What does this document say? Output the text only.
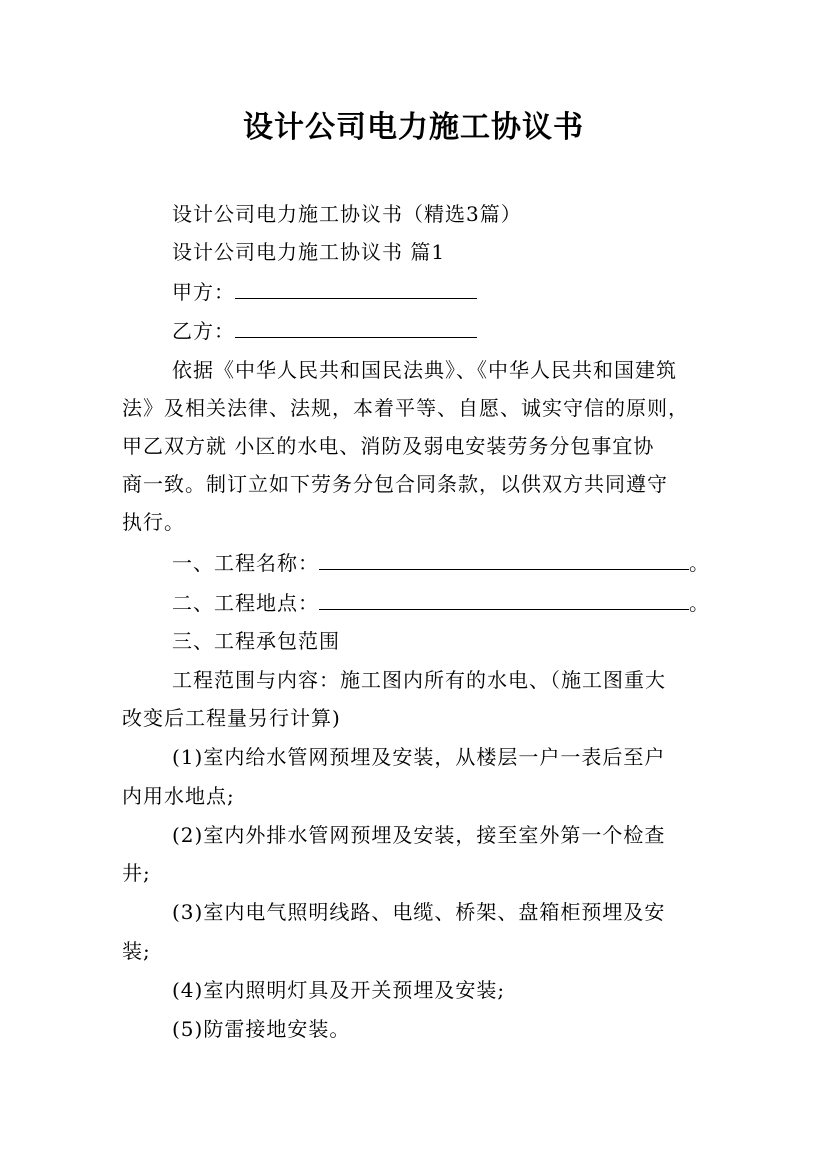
设计公司电力施工协议书
设计公司电力施工协议书（精选3篇）
设计公司电力施工协议书 篇1
甲方：
乙方：
依据《中华人民共和国民法典》、《中华人民共和国建筑
法》及相关法律、法规，本着平等、自愿、诚实守信的原则，
甲乙双方就 小区的水电、消防及弱电安装劳务分包事宜协
商一致。制订立如下劳务分包合同条款，以供双方共同遵守
执行。
一、工程名称：	。
二、工程地点：	。
三、工程承包范围
工程范围与内容：施工图内所有的水电、（施工图重大
改变后工程量另行计算)
(1)室内给水管网预埋及安装，从楼层一户一表后至户
内用水地点;
(2)室内外排水管网预埋及安装，接至室外第一个检查
井;
(3)室内电气照明线路、电缆、桥架、盘箱柜预埋及安
装;
(4)室内照明灯具及开关预埋及安装;
(5)防雷接地安装。
